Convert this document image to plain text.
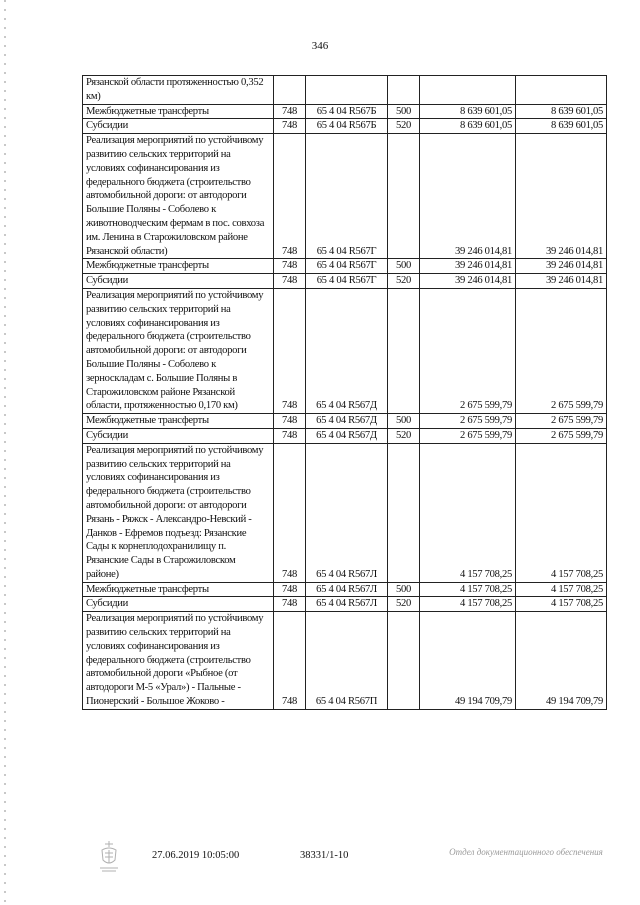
346
Рязанской области протяженностью 0,352 км)					
Межбюджетные трансферты	748	65 4 04 R567Б	500	8 639 601,05	8 639 601,05
Субсидии	748	65 4 04 R567Б	520	8 639 601,05	8 639 601,05
Реализация мероприятий по устойчивому развитию сельских территорий на условиях софинансирования из федерального бюджета (строительство автомобильной дороги: от автодороги Большие Поляны - Соболево к животноводческим фермам в пос. совхоза им. Ленина в Старожиловском районе Рязанской области)	748	65 4 04 R567Г		39 246 014,81	39 246 014,81
Межбюджетные трансферты	748	65 4 04 R567Г	500	39 246 014,81	39 246 014,81
Субсидии	748	65 4 04 R567Г	520	39 246 014,81	39 246 014,81
Реализация мероприятий по устойчивому развитию сельских территорий на условиях софинансирования из федерального бюджета (строительство автомобильной дороги: от автодороги Большие Поляны - Соболево к зерноскладам с. Большие Поляны в Старожиловском районе Рязанской области, протяженностью 0,170 км)	748	65 4 04 R567Д		2 675 599,79	2 675 599,79
Межбюджетные трансферты	748	65 4 04 R567Д	500	2 675 599,79	2 675 599,79
Субсидии	748	65 4 04 R567Д	520	2 675 599,79	2 675 599,79
Реализация мероприятий по устойчивому развитию сельских территорий на условиях софинансирования из федерального бюджета (строительство автомобильной дороги: от автодороги Рязань - Ряжск - Александро-Невский - Данков - Ефремов подъезд: Рязанские Сады к корнеплодохранилищу п. Рязанские Сады в Старожиловском районе)	748	65 4 04 R567Л		4 157 708,25	4 157 708,25
Межбюджетные трансферты	748	65 4 04 R567Л	500	4 157 708,25	4 157 708,25
Субсидии	748	65 4 04 R567Л	520	4 157 708,25	4 157 708,25
Реализация мероприятий по устойчивому развитию сельских территорий на условиях софинансирования из федерального бюджета (строительство автомобильной дороги «Рыбное (от автодороги М-5 «Урал») - Пальные - Пионерский - Большое Жоково -	748	65 4 04 R567П		49 194 709,79	49 194 709,79
27.06.2019 10:05:00	38331/1-10	Отдел документационного обеспечения
